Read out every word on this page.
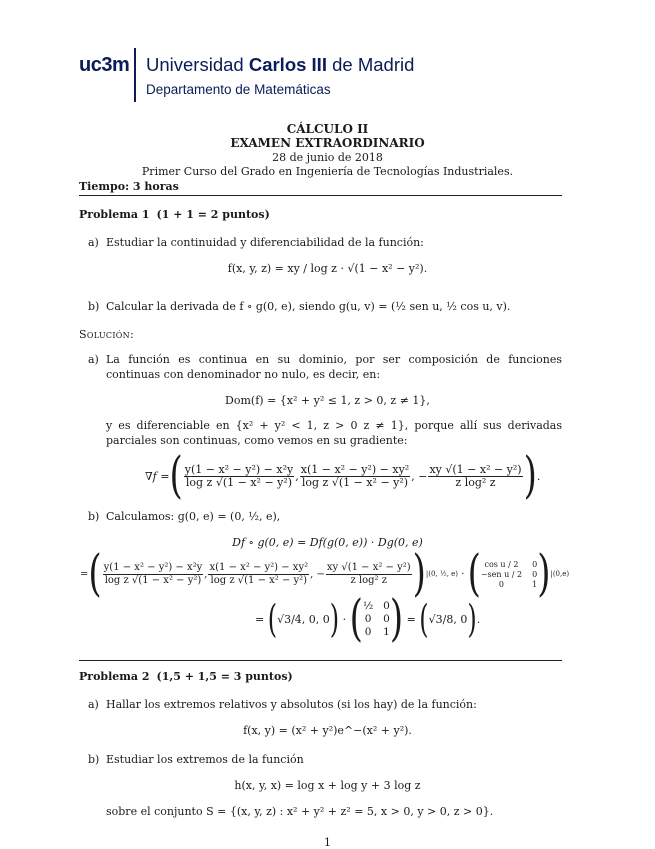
uc3m Universidad Carlos III de Madrid
Departamento de Matemáticas
CÁLCULO II
EXAMEN EXTRAORDINARIO
28 de junio de 2018
Primer Curso del Grado en Ingeniería de Tecnologías Industriales.
Tiempo: 3 horas
Problema 1 (1 + 1 = 2 puntos)
a) Estudiar la continuidad y diferenciabilidad de la función:
f(x, y, z) = xy / log z · √(1 − x² − y²).
b) Calcular la derivada de f ∘ g(0, e), siendo g(u, v) = (½ sen u, ½ cos u, v).
Solución:
a) La función es continua en su dominio, por ser composición de funciones continuas con denominador no nulo, es decir, en:
Dom(f) = {x² + y² ≤ 1, z > 0, z ≠ 1},
y es diferenciable en {x² + y² < 1, z > 0 z ≠ 1}, porque allí sus derivadas parciales son continuas, como vemos en su gradiente:
∇f = ( $\frac{\text{y(1 − x² − y²) − x²y}}{\text{log z √(1 − x² − y²)}}$ , $\frac{\text{x(1 − x² − y²) − xy²}}{\text{log z √(1 − x² − y²)}}$ , − $\frac{\text{xy √(1 − x² − y²)}}{\text{z log² z}}$ ) .
b) Calculamos: g(0, e) = (0, ½, e),
Df ∘ g(0, e) = Df(g(0, e)) · Dg(0, e)
= ( $\frac{\text{y(1 − x² − y²) − x²y}}{\text{log z √(1 − x² − y²)}}$ , $\frac{\text{x(1 − x² − y²) − xy²}}{\text{log z √(1 − x² − y²)}}$ , − $\frac{\text{xy √(1 − x² − y²)}}{\text{z log² z}}$ ) |(0, ½, e) · ( cos u / 2	0
−sen u / 2 0
0	1 ) |(0,e)
= ( √3/4, 0, 0 ) · ( ½ 0
0 0
0 1 ) = ( √3/8, 0 ) .
Problema 2 (1,5 + 1,5 = 3 puntos)
a) Hallar los extremos relativos y absolutos (si los hay) de la función:
f(x, y) = (x² + y²)e^−(x² + y²).
b) Estudiar los extremos de la función
h(x, y, x) = log x + log y + 3 log z
sobre el conjunto S = {(x, y, z) : x² + y² + z² = 5, x > 0, y > 0, z > 0}.
1
